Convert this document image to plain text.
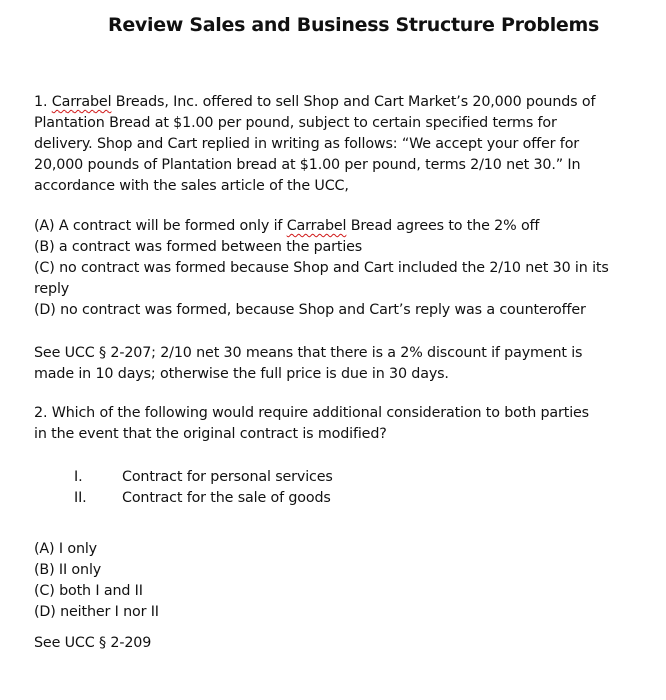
Review Sales and Business Structure Problems
1. Carrabel Breads, Inc. offered to sell Shop and Cart Market’s 20,000 pounds of
Plantation Bread at $1.00 per pound, subject to certain specified terms for
delivery. Shop and Cart replied in writing as follows: “We accept your offer for
20,000 pounds of Plantation bread at $1.00 per pound, terms 2/10 net 30.” In
accordance with the sales article of the UCC,
(A) A contract will be formed only if Carrabel Bread agrees to the 2% off
(B) a contract was formed between the parties
(C) no contract was formed because Shop and Cart included the 2/10 net 30 in its
reply
(D) no contract was formed, because Shop and Cart’s reply was a counteroffer
See UCC § 2-207; 2/10 net 30 means that there is a 2% discount if payment is
made in 10 days; otherwise the full price is due in 30 days.
2. Which of the following would require additional consideration to both parties
in the event that the original contract is modified?
I.	Contract for personal services
II. Contract for the sale of goods
(A) I only
(B) II only
(C) both I and II
(D) neither I nor II
See UCC § 2-209
